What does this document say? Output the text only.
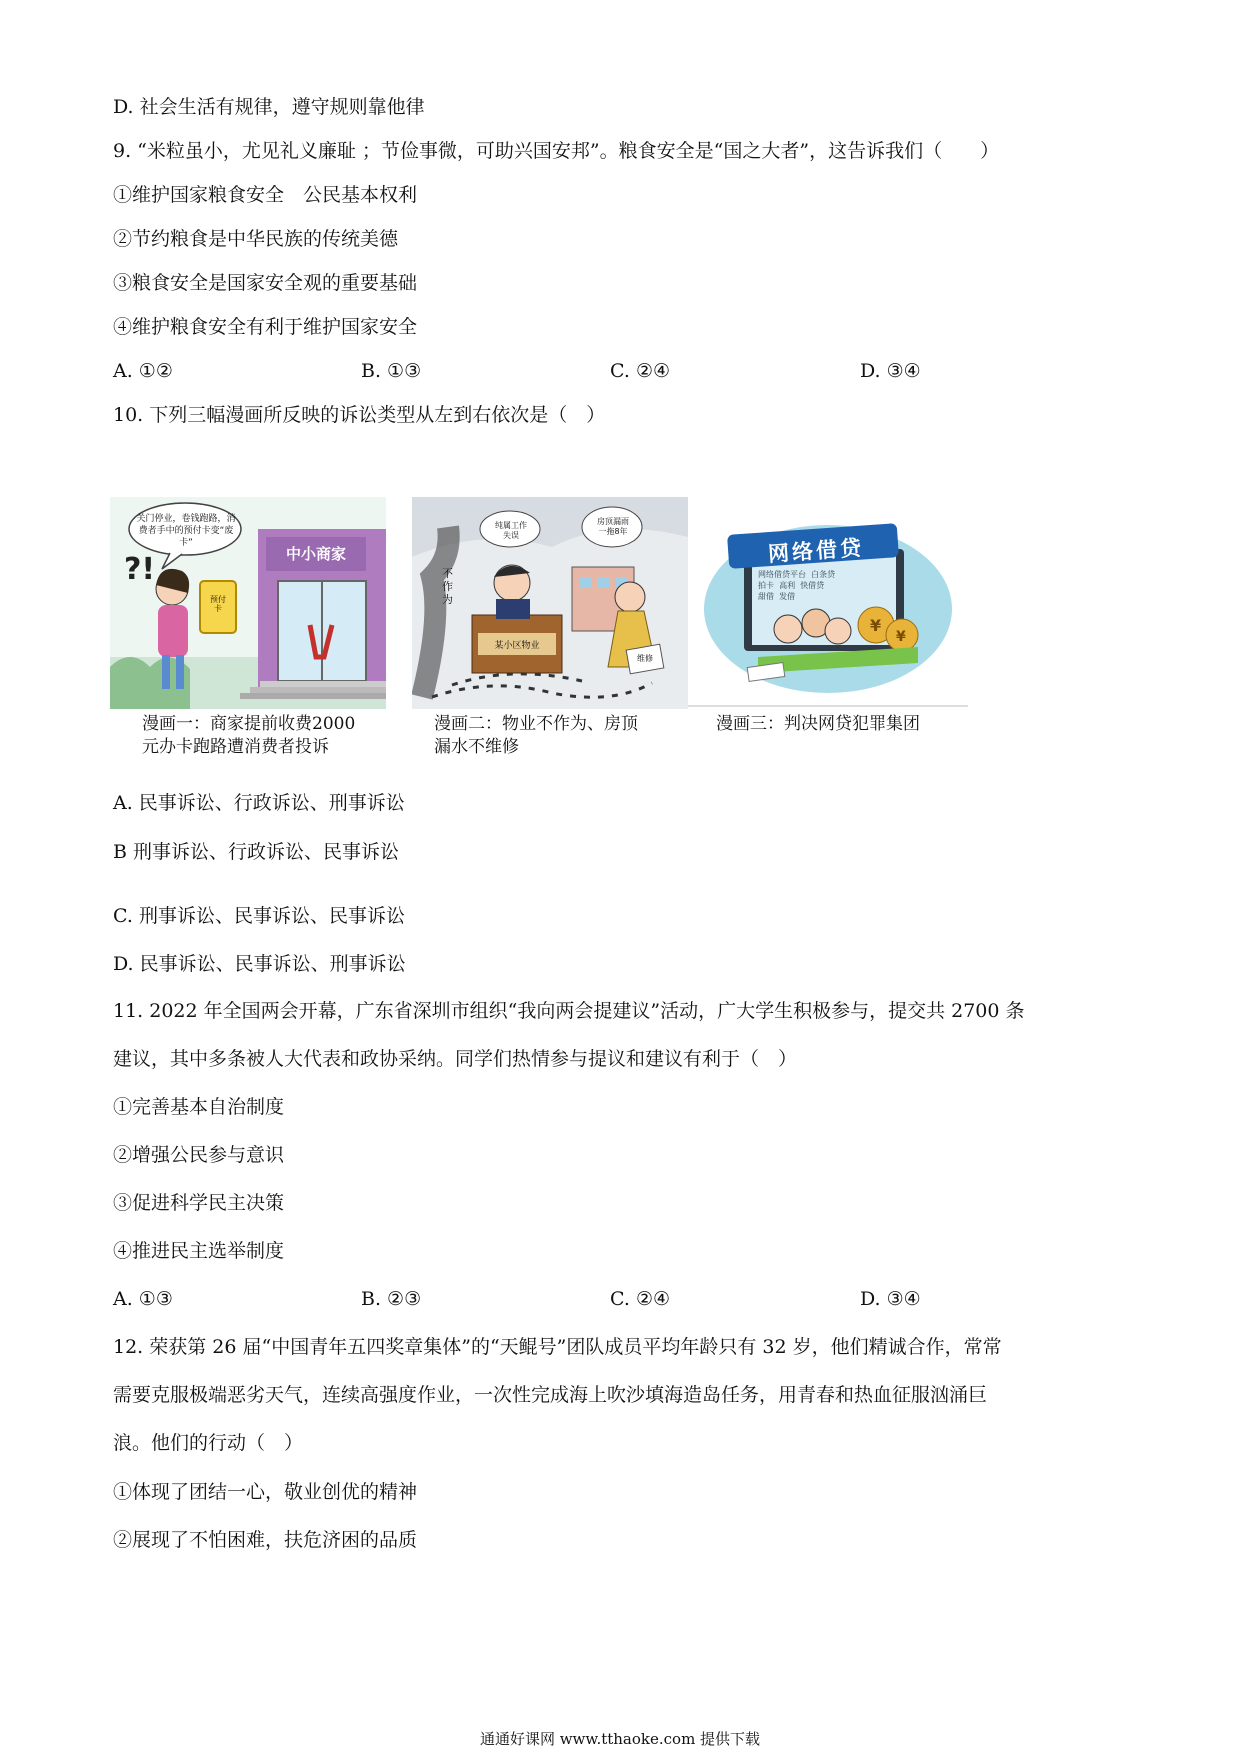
D. 社会生活有规律，遵守规则靠他律
9. “米粒虽小，尤见礼义廉耻 ；节俭事微，可助兴国安邦”。粮食安全是“国之大者”，这告诉我们（　　）
①维护国家粮食安全　公民基本权利
②节约粮食是中华民族的传统美德
③粮食安全是国家安全观的重要基础
④维护粮食安全有利于维护国家安全
A. ①②	B. ①③	C. ②④	D. ③④
10. 下列三幅漫画所反映的诉讼类型从左到右依次是（　）
中小商家
?!
关门停业，卷钱跑路，消费者手中的预付卡变“废卡”
预付卡
纯属工作失误
房顶漏雨一拖8年
不作为
某小区物业
维修
¥
¥
网络借贷
网络借贷平台 白条贷
拍卡 高利 快借贷
甜借 发借
漫画一：商家提前收费2000
元办卡跑路遭消费者投诉
漫画二：物业不作为、房顶
漏水不维修
漫画三：判决网贷犯罪集团
A. 民事诉讼、行政诉讼、刑事诉讼
B 刑事诉讼、行政诉讼、民事诉讼
C. 刑事诉讼、民事诉讼、民事诉讼
D. 民事诉讼、民事诉讼、刑事诉讼
11. 2022 年全国两会开幕，广东省深圳市组织“我向两会提建议”活动，广大学生积极参与，提交共 2700 条
建议，其中多条被人大代表和政协采纳。同学们热情参与提议和建议有利于（　）
①完善基本自治制度
②增强公民参与意识
③促进科学民主决策
④推进民主选举制度
A. ①③	B. ②③	C. ②④	D. ③④
12. 荣获第 26 届“中国青年五四奖章集体”的“天鲲号”团队成员平均年龄只有 32 岁，他们精诚合作，常常
需要克服极端恶劣天气，连续高强度作业，一次性完成海上吹沙填海造岛任务，用青春和热血征服汹涌巨
浪。他们的行动（　）
①体现了团结一心，敬业创优的精神
②展现了不怕困难，扶危济困的品质
通通好课网 www.tthaoke.com 提供下载
